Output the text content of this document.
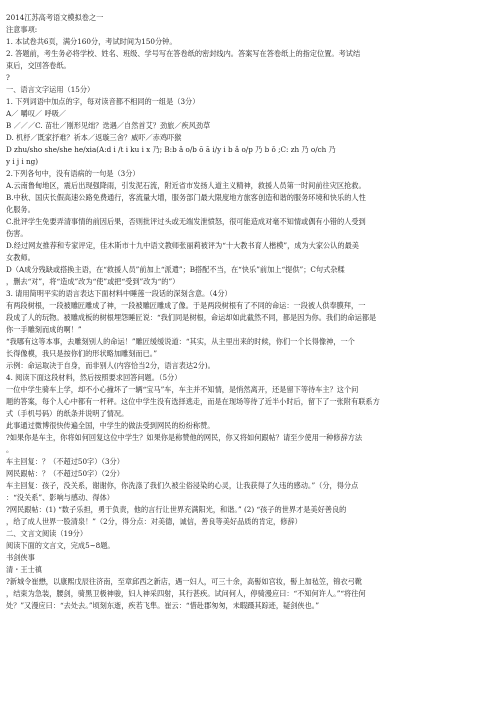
2014江苏高考语文模拟卷之一
注意事项:
1. 本试卷共6页，满分160分，考试时间为150分钟。
2. 答题前，考生务必将学校、姓名、班级、学号写在答卷纸的密封线内。答案写在答卷纸上的指定位置。考试结
束后，交回答卷纸。
?
一、语言文字运用（15分）
1. 下列词语中加点的字，每对读音都不相同的一组是（3分）
A／ 嚼叹／ 呼吸／
B ／／／C. 苗壮／刚形见绌？迭遇／自然首艾？劲旅／疾风劲草
D. 机杼／既家抒难？祈本／返璇三舍？威吓／赤鸡吓猴
D zhu/sho she/she he/xia(A:d i /t i ku i x 乃; B:b ǎ o/b ō ā i/y i b ǎ o/p 乃 b ǒ ;C: zh 乃 o/ch 乃
y i j i ng)
2.下列各句中，没有语病的一句是（3分）
A.云南鲁甸地区，震后出现强降雨，引发泥石流，附近省市发扬人道主义精神，救援人员第一时间前往灾区抢救。
B.中秋、国庆长假高速公路免费通行，客流量大增，服务部门最大限度地方旅客创造和谐的服务环境和快乐的人性
化服务。
C.批评学生免要弄清事情的前因后果，否则批评过头或无端发泄愤怒，很可能造成对毫不知情或偶有小错的人受到
伤害。
D.经过网友推荐和专家评定，佳木斯市十九中语文教师张丽莉被评为“十大教书育人楷模”，成为大家公认的最美
女教师。
D（A成分残缺或搭换主语，在“救援人员”前加上“派遣”；B搭配不当，在“快乐”前加上“提供”；C句式杂糅
，删去“对”，将“造成”改为“使”或把“受到”改为“的”）
3. 请用简明平实的语言表达下面材料中睡莲一段话的深刻含意。（4分）
有两段树根，一段被雕匠雕成了神，一段被雕匠雕成了像。于是两段树根有了不同的命运：一段被人供奉膜拜，一
段成了人的玩物。被雕成板的树根埋怨睡匠说：“我们同是树根，命运却如此截然不同，都是因为你。我们的命运都是
你一手雕刻而成的啊！”
“我哪有这等本事，去雕刻别人的命运！”雕匠缓缓说道：“其实，从主里出来的时候，你们一个长得像神，一个
长得像模，我只是按你们的形状略加雕刻而已。”
示例：命运取决于自身，而非别人(内容恰当2分，语言表达2分)。
4. 阅读下面这段材料，然后按照要求回答问题。（5分）
一位中学生骑车上学，却不小心撞坏了一辆“宝马”车，车主并不知情，是悄然离开，还是留下等待车主？这个问
题的答案，每个人心中都有一杆秤。这位中学生没有选择逃走，而是在现场等待了近半小时后，留下了一张附有联系方
式（手机号码）的纸条并说明了情况。
此事通过微博很快传遍全国，中学生的做法受到网民的纷纷称赞。
?如果你是车主，你将如何回复这位中学生？如果你是称赞他的网民，你又将如何跟帖？请至少使用一种修辞方法
。
车主回复：？（不超过50字）（3分）
网民跟帖：？（不超过50字）（2分）
车主回复：孩子，没关系，谢谢你，你洗涤了我们久被尘俗浸染的心灵，让我获得了久违的感动。”（分，得分点
：“没关系”、影响与感动、得体）
?网民跟帖：(1) “数子乐担，勇于负责，他的言行让世界充满阳光，和谐。” (2) “孩子的世界才是美好善良的
，给了成人世界一股清泉！”（2分，得分点：对美德，诚信，善良等美好品质的肯定，修辞）
二、文言文阅读（19分）
阅读下面的文言文，完成5~8题。
书剑侠事
清・王士禛
?新城令崔懋，以康熙戊辰往济南，至章邱西之新店，遇一妇人，可三十余，高髻如宫妆，髻上加毡笠，锦衣弓靴
，结束为急装，腰剑，骑黑卫极神骏，妇人神采四射，其行甚疾。试问何人，停骑漫应曰：“不知何许人。”“将往何
处？”又漫应曰：“去处去。”顷刻东逝，疾若飞隼。崔云：“惜赴郡匆匆，未暇蹑其踪迹，疑剑侠也。”
